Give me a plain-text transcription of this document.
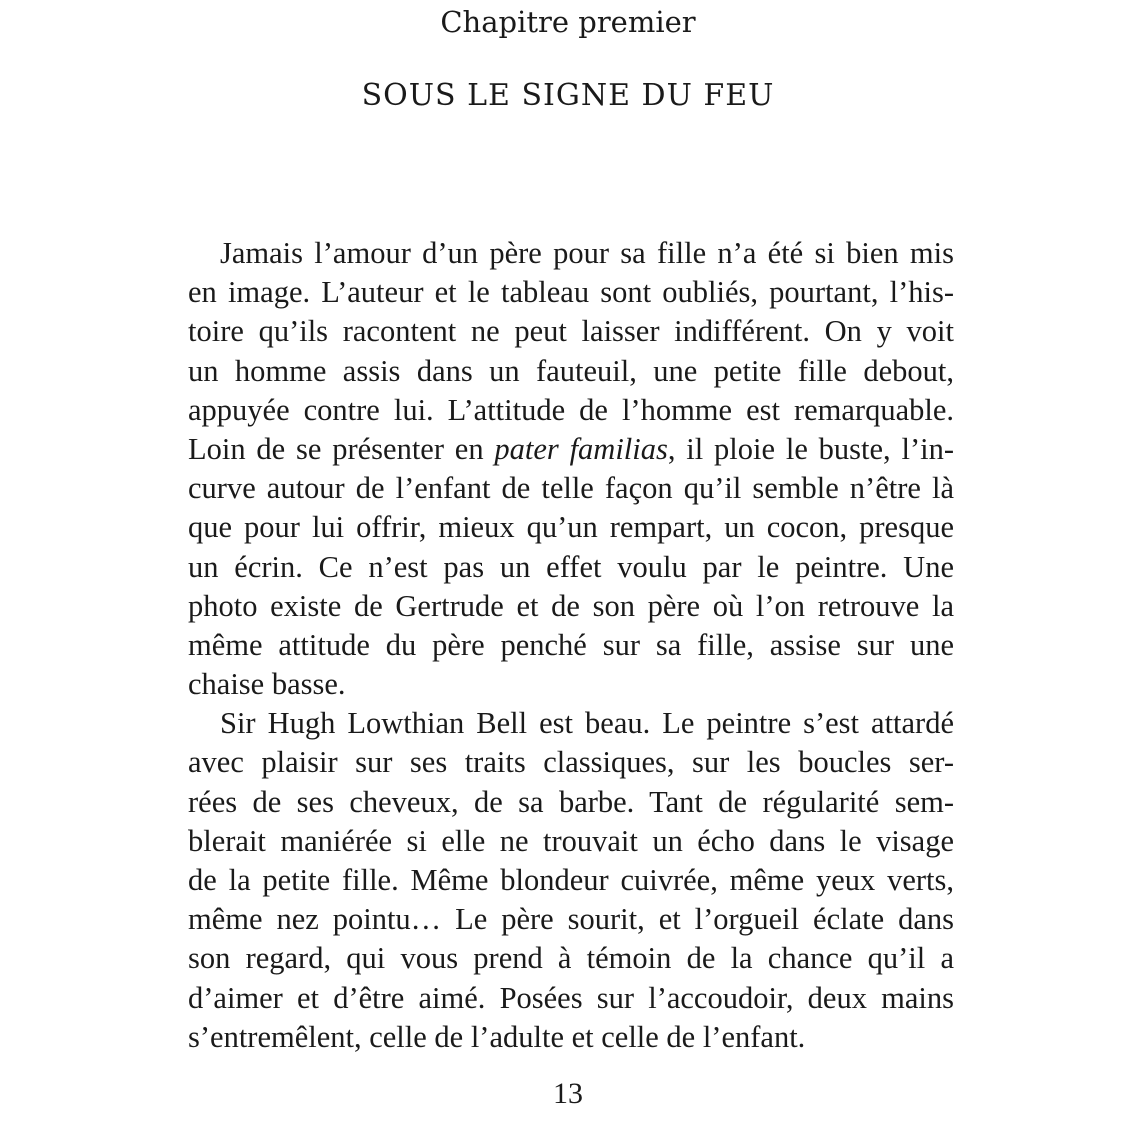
Chapitre premier
SOUS LE SIGNE DU FEU
Jamais l’amour d’un père pour sa fille n’a été si bien mis
en image. L’auteur et le tableau sont oubliés, pourtant, l’his-
toire qu’ils racontent ne peut laisser indifférent. On y voit
un homme assis dans un fauteuil, une petite fille debout,
appuyée contre lui. L’attitude de l’homme est remarquable.
Loin de se présenter en pater familias, il ploie le buste, l’in-
curve autour de l’enfant de telle façon qu’il semble n’être là
que pour lui offrir, mieux qu’un rempart, un cocon, presque
un écrin. Ce n’est pas un effet voulu par le peintre. Une
photo existe de Gertrude et de son père où l’on retrouve la
même attitude du père penché sur sa fille, assise sur une
chaise basse.
Sir Hugh Lowthian Bell est beau. Le peintre s’est attardé
avec plaisir sur ses traits classiques, sur les boucles ser-
rées de ses cheveux, de sa barbe. Tant de régularité sem-
blerait maniérée si elle ne trouvait un écho dans le visage
de la petite fille. Même blondeur cuivrée, même yeux verts,
même nez pointu… Le père sourit, et l’orgueil éclate dans
son regard, qui vous prend à témoin de la chance qu’il a
d’aimer et d’être aimé. Posées sur l’accoudoir, deux mains
s’entremêlent, celle de l’adulte et celle de l’enfant.
13
